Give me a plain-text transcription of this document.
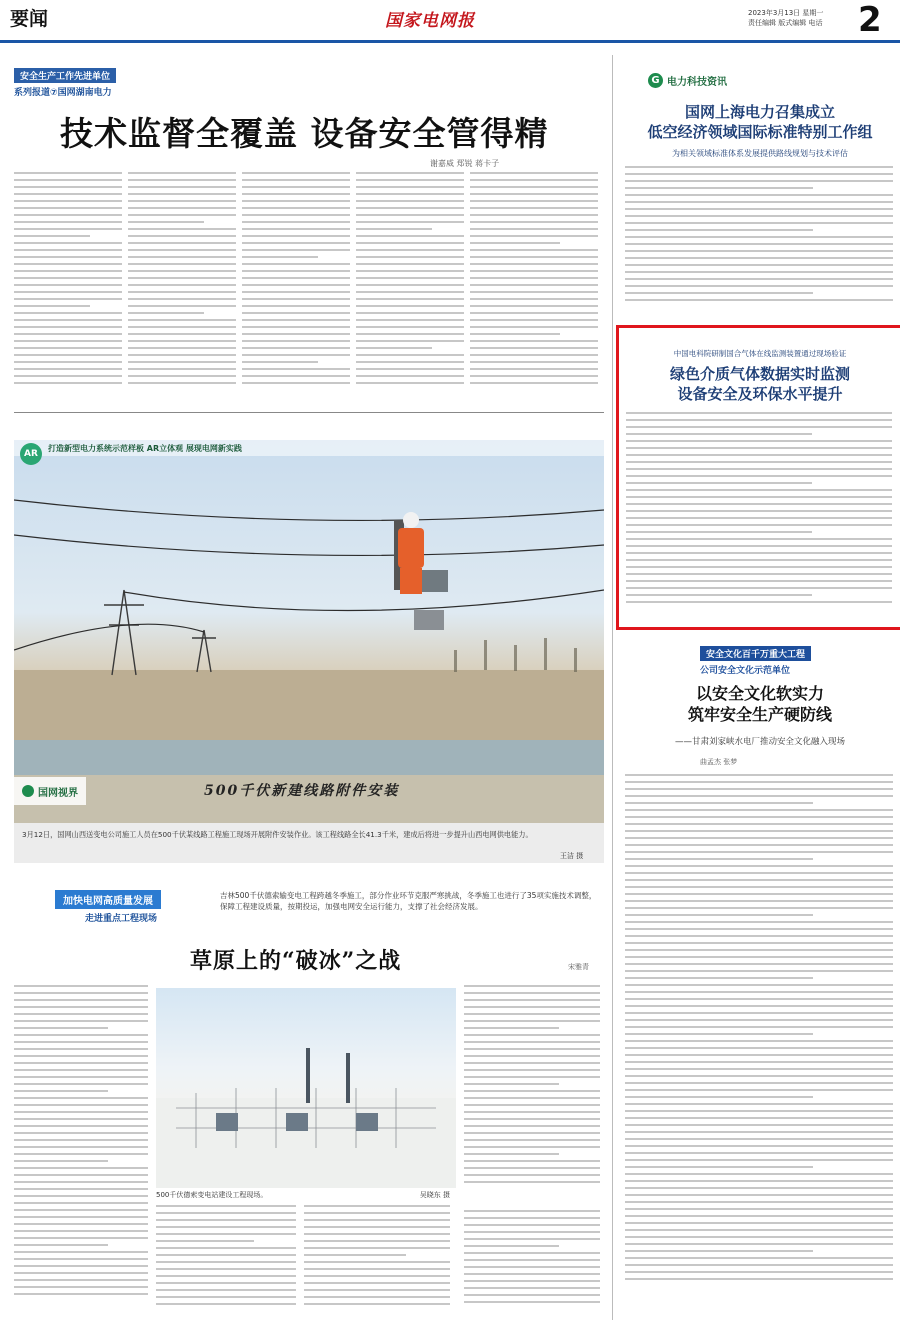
要闻	国家电网报	2023年3月13日 星期一
责任编辑 版式编辑 电话	2
安全生产工作先进单位
系列报道⑦国网湖南电力
技术监督全覆盖 设备安全管得精
谢嘉威 郑锐 蒋卡子
G 电力科技资讯
国网上海电力召集成立
低空经济领域国际标准特别工作组
为相关领域标准体系发展提供路线规划与技术评估
中国电科院研制国合气体在线监测装置通过现场验证
绿色介质气体数据实时监测
设备安全及环保水平提升
安全文化百千万重大工程
公司安全文化示范单位
以安全文化软实力
筑牢安全生产硬防线
——甘肃刘家峡水电厂推动安全文化融入现场
曲孟杰 张梦
AR
打造新型电力系统示范样板 AR立体观 展现电网新实践
国网视界	500千伏新建线路附件安装
3月12日，国网山西送变电公司施工人员在500千伏某线路工程施工现场开展附件安装作业。该工程线路全长41.3千米，建成后将进一步提升山西电网供电能力。
王洁 摄
加快电网高质量发展
走进重点工程现场
吉林500千伏德索输变电工程跨越冬季施工，部分作业环节克服严寒挑战，冬季施工也进行了35项实施技术调整，保障工程建设质量，按期投运，加强电网安全运行能力，支撑了社会经济发展。
草原上的“破冰”之战	宋雅青
500千伏德索变电站建设工程现场。	吴晓东 摄
